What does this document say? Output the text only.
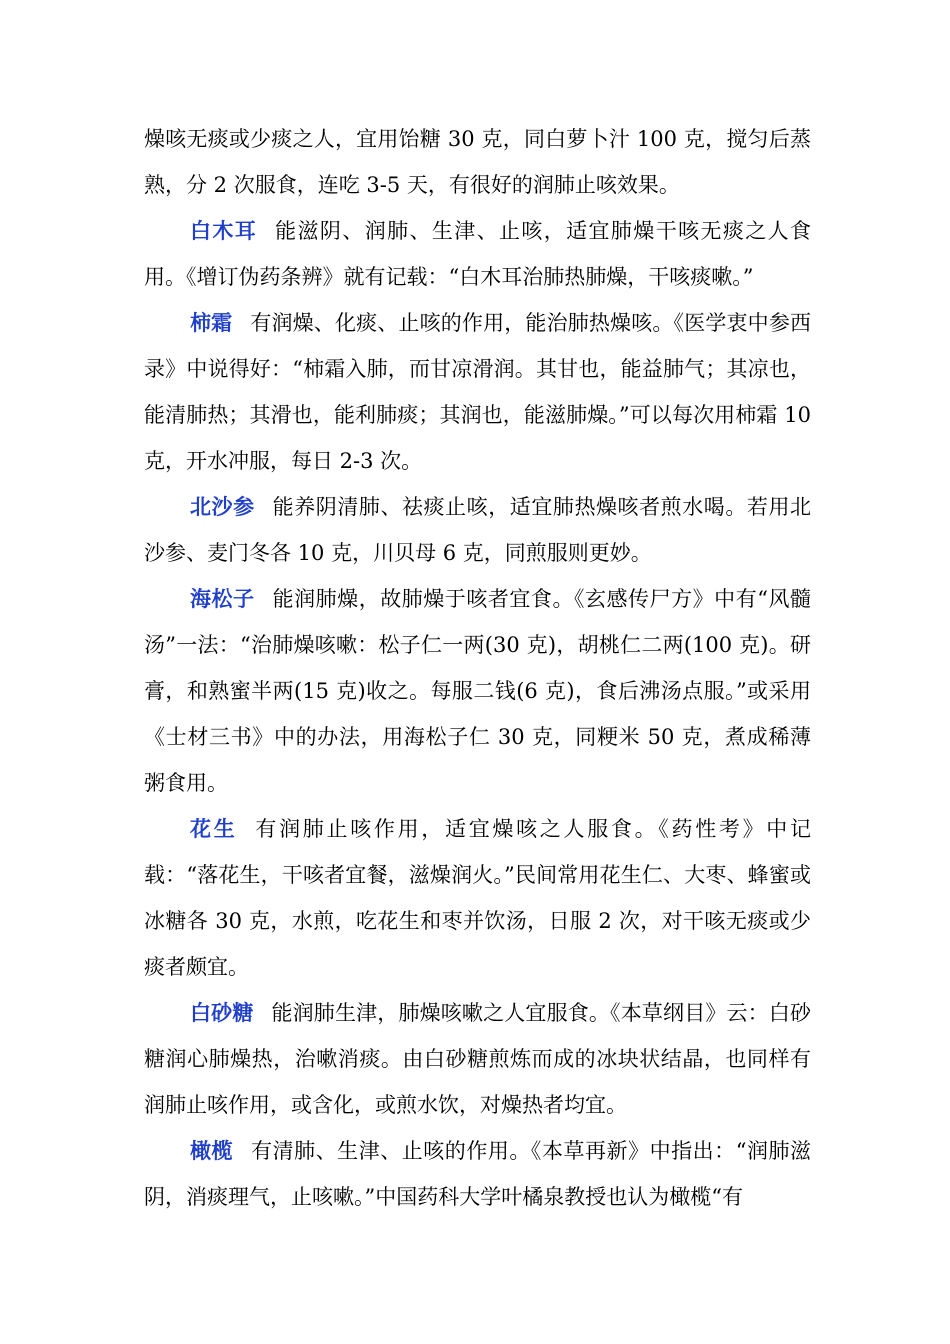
燥咳无痰或少痰之人，宜用饴糖 30 克，同白萝卜汁 100 克，搅匀后蒸熟，分 2 次服食，连吃 3-5 天，有很好的润肺止咳效果。

白木耳 能滋阴、润肺、生津、止咳，适宜肺燥干咳无痰之人食用。《增订伪药条辨》就有记载：“白木耳治肺热肺燥，干咳痰嗽。”

柿霜 有润燥、化痰、止咳的作用，能治肺热燥咳。《医学衷中参西录》中说得好：“柿霜入肺，而甘凉滑润。其甘也，能益肺气；其凉也，能清肺热；其滑也，能利肺痰；其润也，能滋肺燥。”可以每次用柿霜 10 克，开水冲服，每日 2-3 次。

北沙参 能养阴清肺、祛痰止咳，适宜肺热燥咳者煎水喝。若用北沙参、麦门冬各 10 克，川贝母 6 克，同煎服则更妙。

海松子 能润肺燥，故肺燥于咳者宜食。《玄感传尸方》中有“风髓汤”一法：“治肺燥咳嗽：松子仁一两(30 克)，胡桃仁二两(100 克)。研膏，和熟蜜半两(15 克)收之。每服二钱(6 克)，食后沸汤点服。”或采用《士材三书》中的办法，用海松子仁 30 克，同粳米 50 克，煮成稀薄粥食用。

花生 有润肺止咳作用，适宜燥咳之人服食。《药性考》中记载：“落花生，干咳者宜餐，滋燥润火。”民间常用花生仁、大枣、蜂蜜或冰糖各 30 克，水煎，吃花生和枣并饮汤，日服 2 次，对干咳无痰或少痰者颇宜。

白砂糖 能润肺生津，肺燥咳嗽之人宜服食。《本草纲目》云：白砂糖润心肺燥热，治嗽消痰。由白砂糖煎炼而成的冰块状结晶，也同样有润肺止咳作用，或含化，或煎水饮，对燥热者均宜。

橄榄 有清肺、生津、止咳的作用。《本草再新》中指出：“润肺滋阴，消痰理气，止咳嗽。”中国药科大学叶橘泉教授也认为橄榄“有
